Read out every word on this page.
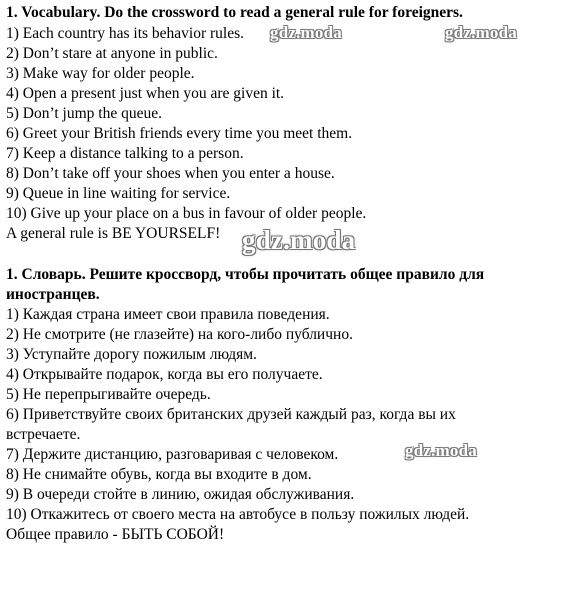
1. Vocabulary. Do the crossword to read a general rule for foreigners.
1) Each country has its behavior rules.
2) Don’t stare at anyone in public.
3) Make way for older people.
4) Open a present just when you are given it.
5) Don’t jump the queue.
6) Greet your British friends every time you meet them.
7) Keep a distance talking to a person.
8) Don’t take off your shoes when you enter a house.
9) Queue in line waiting for service.
10) Give up your place on a bus in favour of older people.
A general rule is BE YOURSELF!
1. Словарь. Решите кроссворд, чтобы прочитать общее правило для
иностранцев.
1) Каждая страна имеет свои правила поведения.
2) Не смотрите (не глазейте) на кого-либо публично.
3) Уступайте дорогу пожилым людям.
4) Открывайте подарок, когда вы его получаете.
5) Не перепрыгивайте очередь.
6) Приветствуйте своих британских друзей каждый раз, когда вы их
встречаете.
7) Держите дистанцию, разговаривая с человеком.
8) Не снимайте обувь, когда вы входите в дом.
9) В очереди стойте в линию, ожидая обслуживания.
10) Откажитесь от своего места на автобусе в пользу пожилых людей.
Общее правило - БЫТЬ СОБОЙ!
gdz.moda	gdz.moda
gdz.moda
gdz.moda
